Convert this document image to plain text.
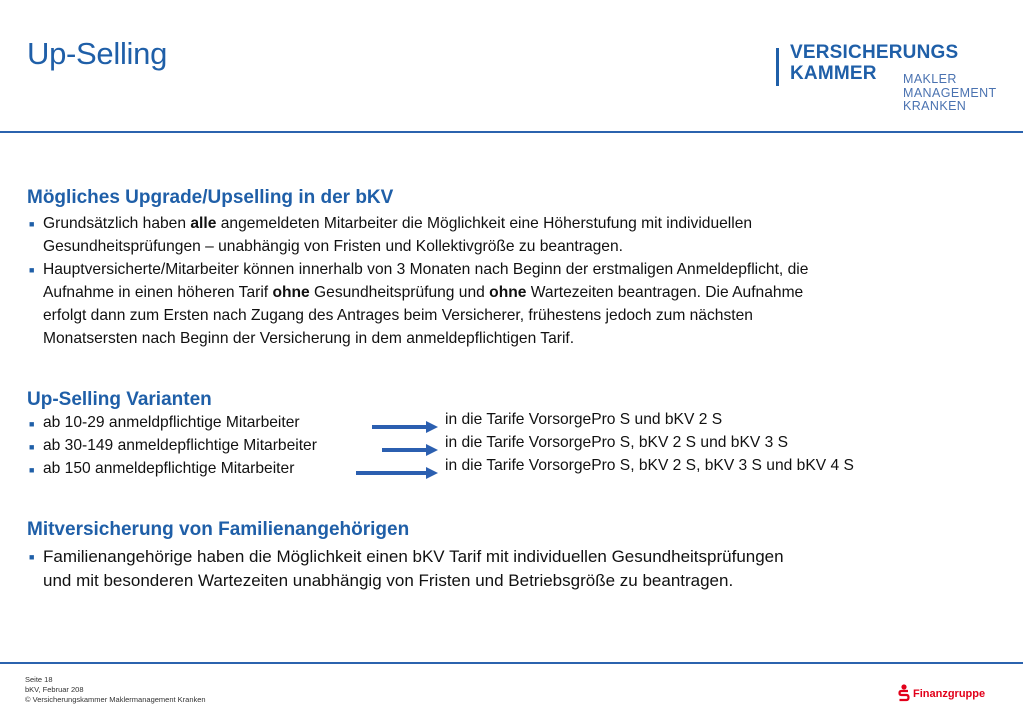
Up-Selling	VERSICHERUNGS
KAMMER MAKLER
MANAGEMENT
KRANKEN
Mögliches Upgrade/Upselling in der bKV
■ Grundsätzlich haben alle angemeldeten Mitarbeiter die Möglichkeit eine Höherstufung mit individuellen
Gesundheitsprüfungen – unabhängig von Fristen und Kollektivgröße zu beantragen.
■ Hauptversicherte/Mitarbeiter können innerhalb von 3 Monaten nach Beginn der erstmaligen Anmeldepflicht, die
Aufnahme in einen höheren Tarif ohne Gesundheitsprüfung und ohne Wartezeiten beantragen. Die Aufnahme
erfolgt dann zum Ersten nach Zugang des Antrages beim Versicherer, frühestens jedoch zum nächsten
Monatsersten nach Beginn der Versicherung in dem anmeldepflichtigen Tarif.
Up-Selling Varianten
■ ab 10-29 anmeldpflichtige Mitarbeiter	in die Tarife VorsorgePro S und bKV 2 S
■ ab 30-149 anmeldepflichtige Mitarbeiter	in die Tarife VorsorgePro S, bKV 2 S und bKV 3 S
■ ab 150 anmeldepflichtige Mitarbeiter	in die Tarife VorsorgePro S, bKV 2 S, bKV 3 S und bKV 4 S
Mitversicherung von Familienangehörigen
■ Familienangehörige haben die Möglichkeit einen bKV Tarif mit individuellen Gesundheitsprüfungen
und mit besonderen Wartezeiten unabhängig von Fristen und Betriebsgröße zu beantragen.
Seite 18
bKV, Februar 208
© Versicherungskammer Maklermanagement Kranken	Finanzgruppe
